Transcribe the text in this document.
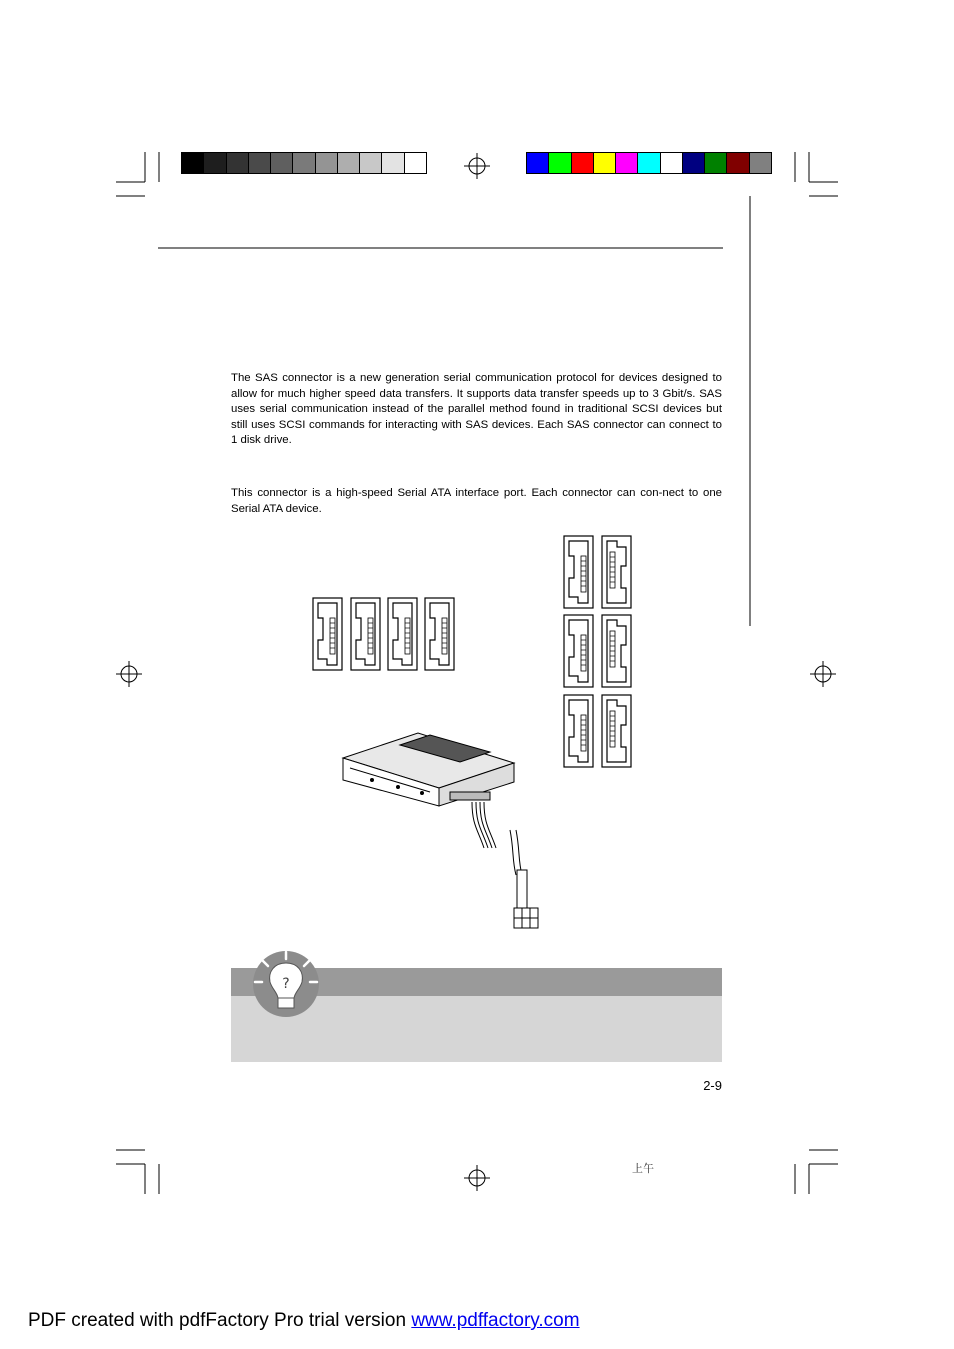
The SAS connector is a new generation serial communication protocol for devices designed to allow for much higher speed data transfers. It supports data transfer speeds up to 3 Gbit/s. SAS uses serial communication instead of the parallel method found in traditional SCSI devices but still uses SCSI commands for interacting with SAS devices. Each SAS connector can connect to 1 disk drive.

This connector is a high-speed Serial ATA interface port. Each connector can con-nect to one Serial ATA device.

?
2-9
上午
PDF created with pdfFactory Pro trial version www.pdffactory.com
